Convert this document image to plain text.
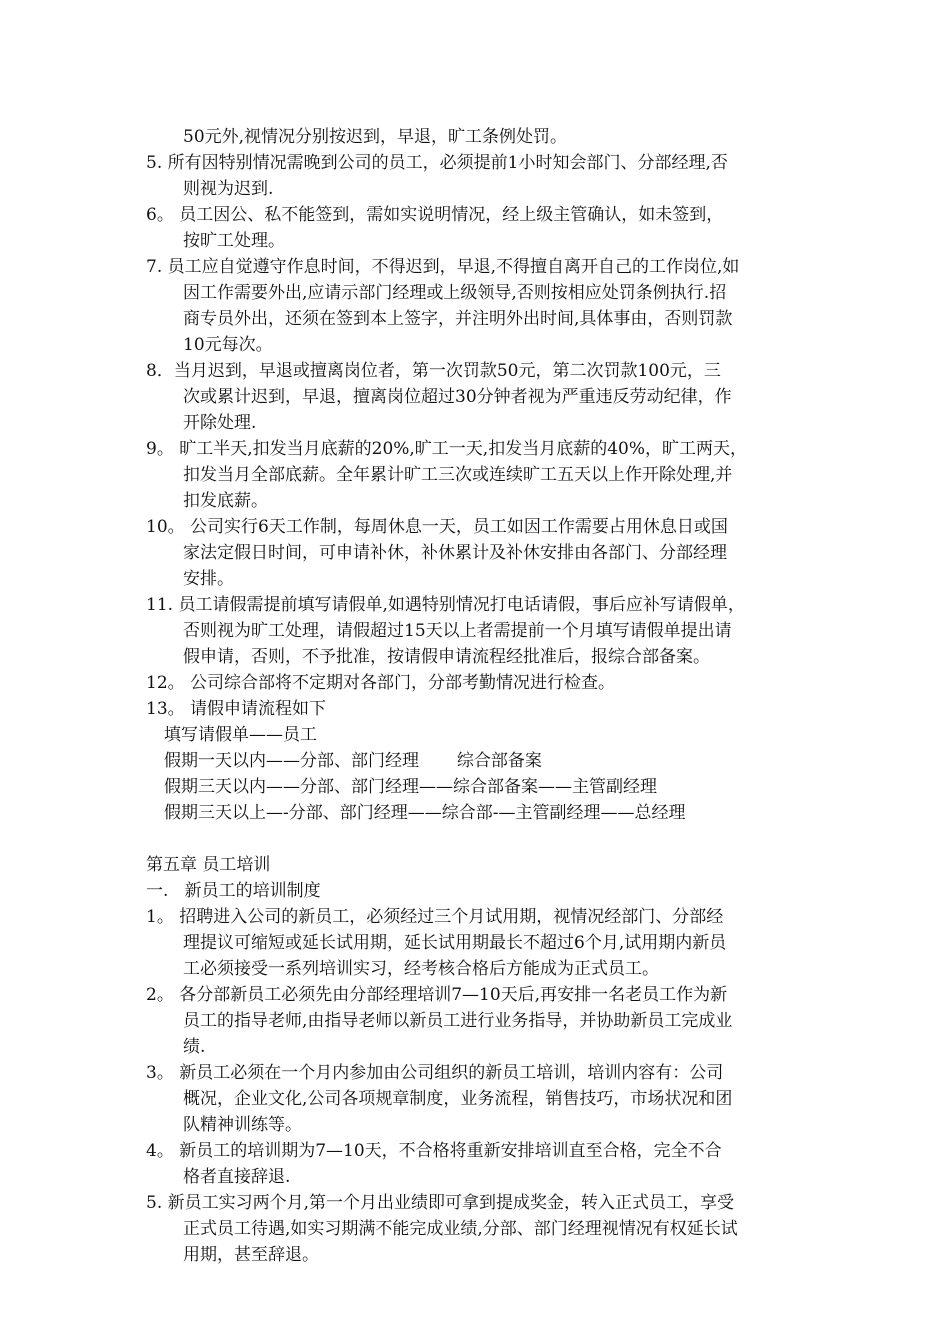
50元外,视情况分别按迟到，早退，旷工条例处罚。
5. 所有因特别情况需晚到公司的员工，必须提前1小时知会部门、分部经理,否
则视为迟到.
6。 员工因公、私不能签到，需如实说明情况，经上级主管确认，如未签到，
按旷工处理。
7. 员工应自觉遵守作息时间，不得迟到，早退,不得擅自离开自己的工作岗位,如
因工作需要外出,应请示部门经理或上级领导,否则按相应处罚条例执行.招
商专员外出，还须在签到本上签字，并注明外出时间,具体事由，否则罚款
10元每次。
8．当月迟到，早退或擅离岗位者，第一次罚款50元，第二次罚款100元，三
次或累计迟到，早退，擅离岗位超过30分钟者视为严重违反劳动纪律，作
开除处理.
9。 旷工半天,扣发当月底薪的20%,旷工一天,扣发当月底薪的40%，旷工两天，
扣发当月全部底薪。全年累计旷工三次或连续旷工五天以上作开除处理,并
扣发底薪。
10。 公司实行6天工作制，每周休息一天，员工如因工作需要占用休息日或国
家法定假日时间，可申请补休，补休累计及补休安排由各部门、分部经理
安排。
11. 员工请假需提前填写请假单,如遇特别情况打电话请假，事后应补写请假单，
否则视为旷工处理，请假超过15天以上者需提前一个月填写请假单提出请
假申请，否则，不予批准，按请假申请流程经批准后，报综合部备案。
12。 公司综合部将不定期对各部门，分部考勤情况进行检查。
13。 请假申请流程如下
填写请假单——员工
假期一天以内——分部、部门经理       综合部备案
假期三天以内——分部、部门经理——综合部备案——主管副经理
假期三天以上—-分部、部门经理——综合部-—主管副经理——总经理
第五章 员工培训
一.   新员工的培训制度
1。 招聘进入公司的新员工，必须经过三个月试用期，视情况经部门、分部经
理提议可缩短或延长试用期，延长试用期最长不超过6个月,试用期内新员
工必须接受一系列培训实习，经考核合格后方能成为正式员工。
2。 各分部新员工必须先由分部经理培训7—10天后,再安排一名老员工作为新
员工的指导老师,由指导老师以新员工进行业务指导，并协助新员工完成业
绩.
3。 新员工必须在一个月内参加由公司组织的新员工培训，培训内容有：公司
概况，企业文化,公司各项规章制度，业务流程，销售技巧，市场状况和团
队精神训练等。
4。 新员工的培训期为7—10天，不合格将重新安排培训直至合格，完全不合
格者直接辞退.
5. 新员工实习两个月,第一个月出业绩即可拿到提成奖金，转入正式员工，享受
正式员工待遇,如实习期满不能完成业绩,分部、部门经理视情况有权延长试
用期，甚至辞退。
